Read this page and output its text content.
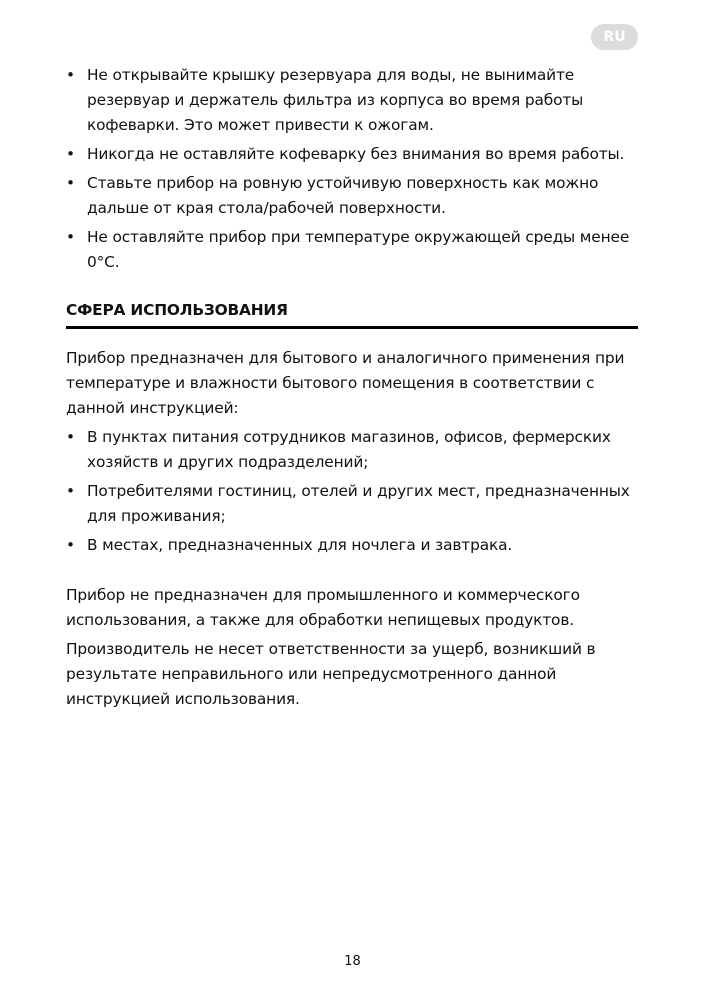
RU
• Не открывайте крышку резервуара для воды, не вынимайте резервуар и держатель фильтра из корпуса во время работы кофеварки. Это может привести к ожогам.
• Никогда не оставляйте кофеварку без внимания во время работы.
• Ставьте прибор на ровную устойчивую поверхность как можно дальше от края стола/рабочей поверхности.
• Не оставляйте прибор при температуре окружающей среды менее 0°C.
СФЕРА ИСПОЛЬЗОВАНИЯ

Прибор предназначен для бытового и аналогичного применения при температуре и влажности бытового помещения в соответствии с данной инструкцией:

• В пунктах питания сотрудников магазинов, офисов, фермерских хозяйств и других подразделений;
• Потребителями гостиниц, отелей и других мест, предназначенных для проживания;
• В местах, предназначенных для ночлега и завтрака.

Прибор не предназначен для промышленного и коммерческого использования, а также для обработки непищевых продуктов.

Производитель не несет ответственности за ущерб, возникший в результате неправильного или непредусмотренного данной инструкцией использования.

18
